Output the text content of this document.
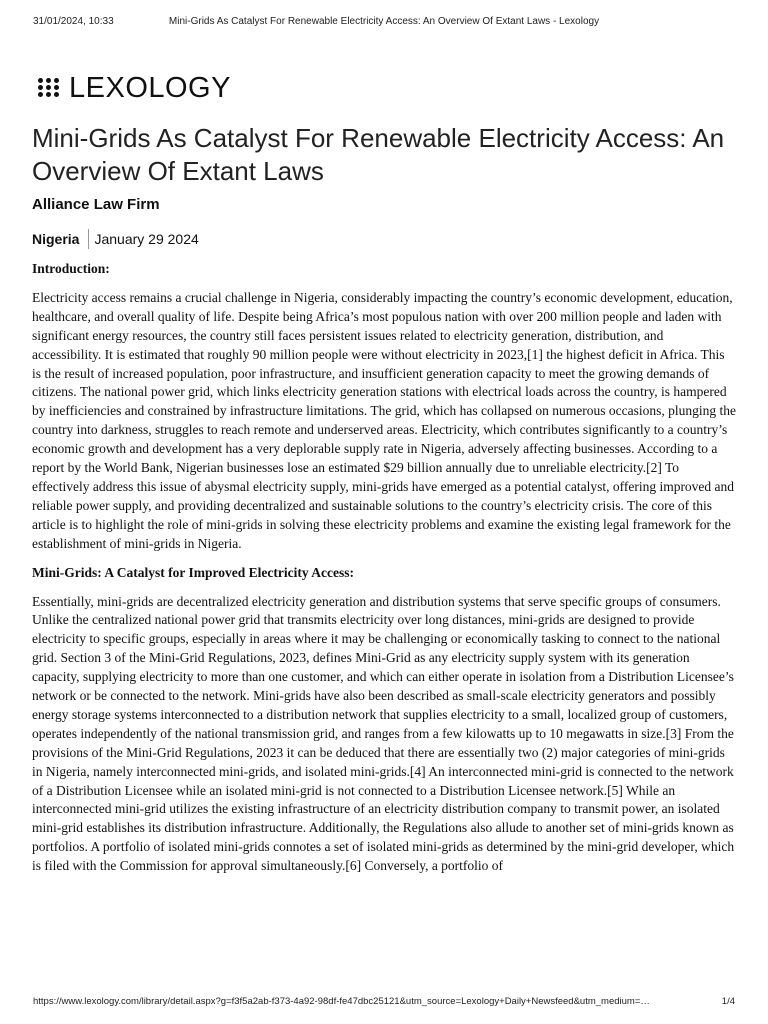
31/01/2024, 10:33	Mini-Grids As Catalyst For Renewable Electricity Access: An Overview Of Extant Laws - Lexology
LEXOLOGY
Mini-Grids As Catalyst For Renewable Electricity Access: An Overview Of Extant Laws
Alliance Law Firm
Nigeria January 29 2024
Introduction:

Electricity access remains a crucial challenge in Nigeria, considerably impacting the country’s economic development, education, healthcare, and overall quality of life. Despite being Africa’s most populous nation with over 200 million people and laden with significant energy resources, the country still faces persistent issues related to electricity generation, distribution, and accessibility. It is estimated that roughly 90 million people were without electricity in 2023,[1] the highest deficit in Africa. This is the result of increased population, poor infrastructure, and insufficient generation capacity to meet the growing demands of citizens. The national power grid, which links electricity generation stations with electrical loads across the country, is hampered by inefficiencies and constrained by infrastructure limitations. The grid, which has collapsed on numerous occasions, plunging the country into darkness, struggles to reach remote and underserved areas. Electricity, which contributes significantly to a country’s economic growth and development has a very deplorable supply rate in Nigeria, adversely affecting businesses. According to a report by the World Bank, Nigerian businesses lose an estimated $29 billion annually due to unreliable electricity.[2] To effectively address this issue of abysmal electricity supply, mini-grids have emerged as a potential catalyst, offering improved and reliable power supply, and providing decentralized and sustainable solutions to the country’s electricity crisis. The core of this article is to highlight the role of mini-grids in solving these electricity problems and examine the existing legal framework for the establishment of mini-grids in Nigeria.

Mini-Grids: A Catalyst for Improved Electricity Access:

Essentially, mini-grids are decentralized electricity generation and distribution systems that serve specific groups of consumers. Unlike the centralized national power grid that transmits electricity over long distances, mini-grids are designed to provide electricity to specific groups, especially in areas where it may be challenging or economically tasking to connect to the national grid. Section 3 of the Mini-Grid Regulations, 2023, defines Mini-Grid as any electricity supply system with its generation capacity, supplying electricity to more than one customer, and which can either operate in isolation from a Distribution Licensee’s network or be connected to the network. Mini-grids have also been described as small-scale electricity generators and possibly energy storage systems interconnected to a distribution network that supplies electricity to a small, localized group of customers, operates independently of the national transmission grid, and ranges from a few kilowatts up to 10 megawatts in size.[3] From the provisions of the Mini-Grid Regulations, 2023 it can be deduced that there are essentially two (2) major categories of mini-grids in Nigeria, namely interconnected mini-grids, and isolated mini-grids.[4] An interconnected mini-grid is connected to the network of a Distribution Licensee while an isolated mini-grid is not connected to a Distribution Licensee network.[5] While an interconnected mini-grid utilizes the existing infrastructure of an electricity distribution company to transmit power, an isolated mini-grid establishes its distribution infrastructure. Additionally, the Regulations also allude to another set of mini-grids known as portfolios. A portfolio of isolated mini-grids connotes a set of isolated mini-grids as determined by the mini-grid developer, which is filed with the Commission for approval simultaneously.[6] Conversely, a portfolio of

https://www.lexology.com/library/detail.aspx?g=f3f5a2ab-f373-4a92-98df-fe47dbc25121&utm_source=Lexology+Daily+Newsfeed&utm_medium=…	1/4
